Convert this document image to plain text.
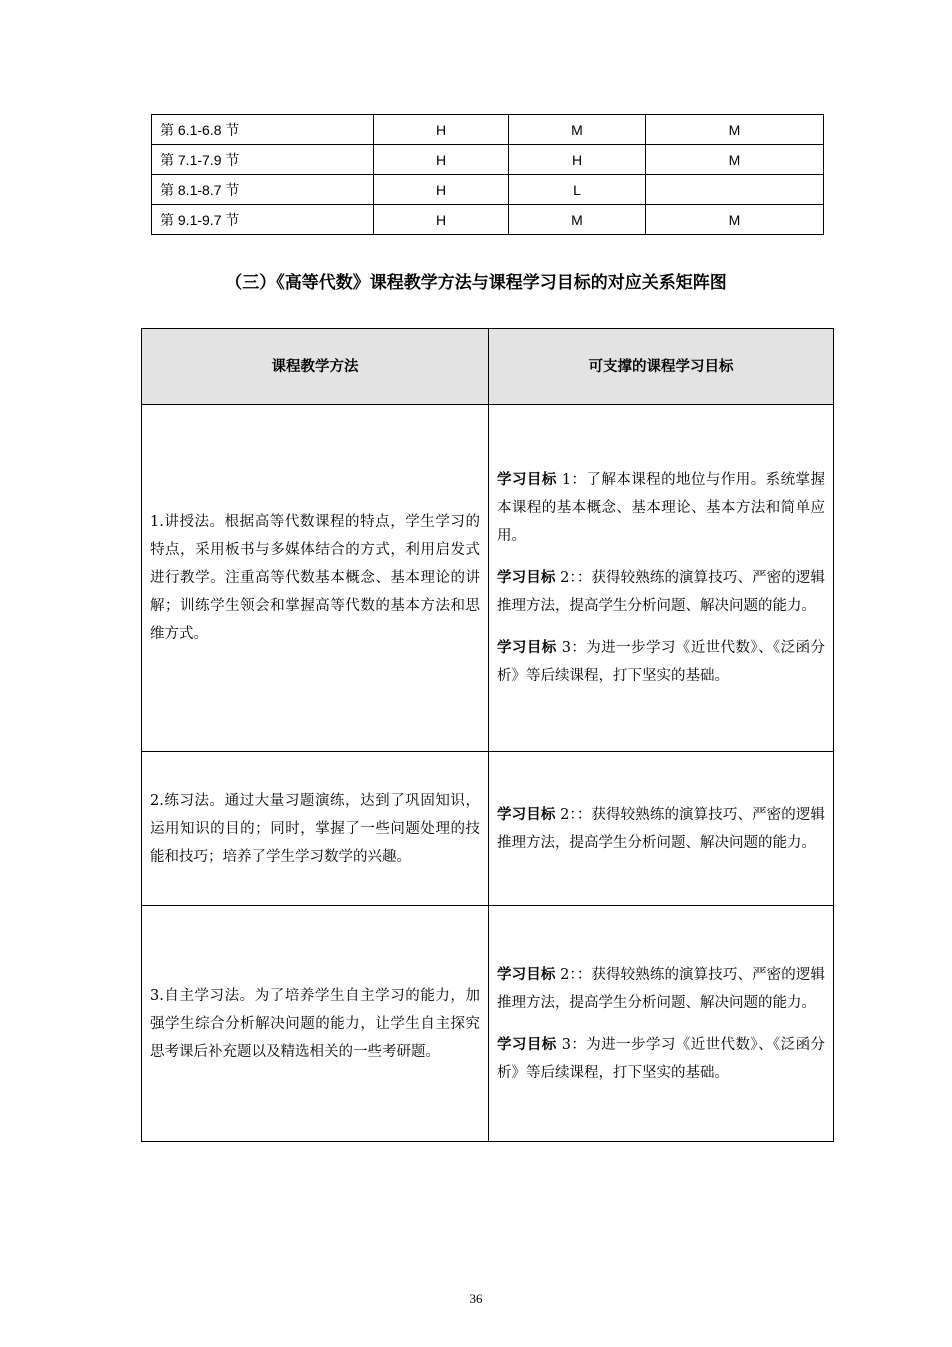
第 6.1-6.8 节	H	M	M
第 7.1-7.9 节	H	H	M
第 8.1-8.7 节	H	L	
第 9.1-9.7 节	H	M	M
（三）《高等代数》课程教学方法与课程学习目标的对应关系矩阵图
课程教学方法	可支撑的课程学习目标

1.讲授法。根据高等代数课程的特点，学生学习的特点，采用板书与多媒体结合的方式，利用启发式进行教学。注重高等代数基本概念、基本理论的讲解；训练学生领会和掌握高等代数的基本方法和思维方式。	学习目标 1：了解本课程的地位与作用。系统掌握本课程的基本概念、基本理论、基本方法和简单应用。

学习目标 2：：获得较熟练的演算技巧、严密的逻辑推理方法，提高学生分析问题、解决问题的能力。

学习目标 3：为进一步学习《近世代数》、《泛函分析》等后续课程，打下坚实的基础。

2.练习法。通过大量习题演练，达到了巩固知识，运用知识的目的；同时，掌握了一些问题处理的技能和技巧；培养了学生学习数学的兴趣。	学习目标 2：：获得较熟练的演算技巧、严密的逻辑推理方法，提高学生分析问题、解决问题的能力。

3.自主学习法。为了培养学生自主学习的能力，加强学生综合分析解决问题的能力，让学生自主探究思考课后补充题以及精选相关的一些考研题。	学习目标 2：：获得较熟练的演算技巧、严密的逻辑推理方法，提高学生分析问题、解决问题的能力。

学习目标 3：为进一步学习《近世代数》、《泛函分析》等后续课程，打下坚实的基础。

36
